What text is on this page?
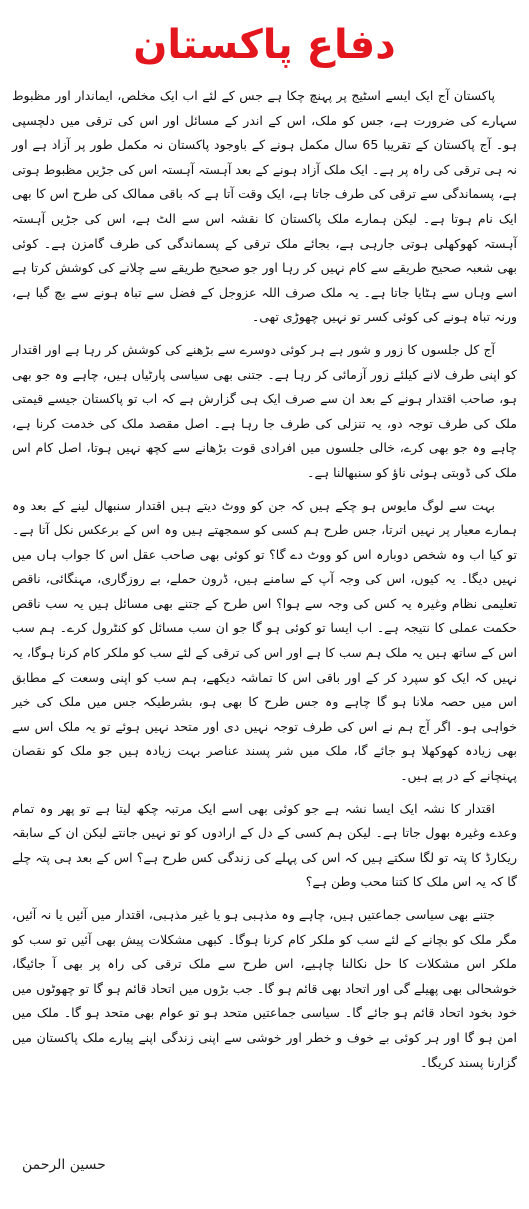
دفاع پاکستان

پاکستان آج ایک ایسے اسٹیج پر پہنچ چکا ہے جس کے لئے اب ایک مخلص، ایماندار اور مظبوط سہارے کی ضرورت ہے، جس کو ملک، اس کے اندر کے مسائل اور اس کی ترقی میں دلچسپی ہو۔ آج پاکستان کے تقریبا 65 سال مکمل ہونے کے باوجود پاکستان نہ مکمل طور پر آزاد ہے اور نہ ہی ترقی کی راہ پر ہے۔ ایک ملک آزاد ہونے کے بعد آہستہ آہستہ اس کی جڑیں مظبوط ہوتی ہے، پسماندگی سے ترقی کی طرف جاتا ہے، ایک وقت آتا ہے کہ باقی ممالک کی طرح اس کا بھی ایک نام ہوتا ہے۔ لیکن ہمارے ملک پاکستان کا نقشہ اس سے الٹ ہے، اس کی جڑیں آہستہ آہستہ کھوکھلی ہوتی جارہی ہے، بجائے ملک ترقی کے پسماندگی کی طرف گامزن ہے۔ کوئی بھی شعبہ صحیح طریقے سے کام نہیں کر رہا اور جو صحیح طریقے سے چلانے کی کوشش کرتا ہے اسے وہاں سے ہٹایا جاتا ہے۔ یہ ملک صرف اللہ عزوجل کے فضل سے تباہ ہونے سے بچ گیا ہے، ورنہ تباہ ہونے کی کوئی کسر تو نہیں چھوڑی تھی۔

آج کل جلسوں کا زور و شور ہے ہر کوئی دوسرے سے بڑھنے کی کوشش کر رہا ہے اور اقتدار کو اپنی طرف لانے کیلئے زور آزمائی کر رہا ہے۔ جتنی بھی سیاسی پارٹیاں ہیں، چاہے وہ جو بھی ہو، صاحب اقتدار ہونے کے بعد ان سے صرف ایک ہی گزارش ہے کہ اب تو پاکستان جیسے قیمتی ملک کی طرف توجہ دو، یہ تنزلی کی طرف جا رہا ہے۔ اصل مقصد ملک کی خدمت کرنا ہے، چاہے وہ جو بھی کرے، خالی جلسوں میں افرادی قوت بڑھانے سے کچھ نہیں ہوتا، اصل کام اس ملک کی ڈوبتی ہوئی ناؤ کو سنبھالنا ہے۔

بہت سے لوگ مایوس ہو چکے ہیں کہ جن کو ووٹ دیتے ہیں اقتدار سنبھال لینے کے بعد وہ ہمارے معیار پر نہیں اترتا، جس طرح ہم کسی کو سمجھتے ہیں وہ اس کے برعکس نکل آتا ہے۔ تو کیا اب وہ شخص دوبارہ اس کو ووٹ دے گا؟ تو کوئی بھی صاحب عقل اس کا جواب ہاں میں نہیں دیگا۔ یہ کیوں، اس کی وجہ آپ کے سامنے ہیں، ڈرون حملے، بے روزگاری، مہنگائی، ناقص تعلیمی نظام وغیرہ یہ کس کی وجہ سے ہوا؟ اس طرح کے جتنے بھی مسائل ہیں یہ سب ناقص حکمت عملی کا نتیجہ ہے۔ اب ایسا تو کوئی ہو گا جو ان سب مسائل کو کنٹرول کرے۔ ہم سب اس کے ساتھ ہیں یہ ملک ہم سب کا ہے اور اس کی ترقی کے لئے سب کو ملکر کام کرنا ہوگا، یہ نہیں کہ ایک کو سپرد کر کے اور باقی اس کا تماشہ دیکھے، ہم سب کو اپنی وسعت کے مطابق اس میں حصہ ملانا ہو گا چاہے وہ جس طرح کا بھی ہو، بشرطیکہ جس میں ملک کی خیر خواہی ہو۔ اگر آج ہم نے اس کی طرف توجہ نہیں دی اور متحد نہیں ہوئے تو یہ ملک اس سے بھی زیادہ کھوکھلا ہو جائے گا، ملک میں شر پسند عناصر بہت زیادہ ہیں جو ملک کو نقصان پہنچانے کے در پے ہیں۔

اقتدار کا نشہ ایک ایسا نشہ ہے جو کوئی بھی اسے ایک مرتبہ چکھ لیتا ہے تو پھر وہ تمام وعدے وغیرہ بھول جاتا ہے۔ لیکن ہم کسی کے دل کے ارادوں کو تو نہیں جانتے لیکن ان کے سابقہ ریکارڈ کا پتہ تو لگا سکتے ہیں کہ اس کی پہلے کی زندگی کس طرح ہے؟ اس کے بعد ہی پتہ چلے گا کہ یہ اس ملک کا کتنا محب وطن ہے؟

جتنے بھی سیاسی جماعتیں ہیں، چاہے وہ مذہبی ہو یا غیر مذہبی، اقتدار میں آئیں یا نہ آئیں، مگر ملک کو بچانے کے لئے سب کو ملکر کام کرنا ہوگا۔ کبھی مشکلات پیش بھی آئیں تو سب کو ملکر اس مشکلات کا حل نکالنا چاہیے، اس طرح سے ملک ترقی کی راہ پر بھی آ جائیگا، خوشحالی بھی پھیلے گی اور اتحاد بھی قائم ہو گا۔ جب بڑوں میں اتحاد قائم ہو گا تو چھوٹوں میں خود بخود اتحاد قائم ہو جائے گا۔ سیاسی جماعتیں متحد ہو تو عوام بھی متحد ہو گا۔ ملک میں امن ہو گا اور ہر کوئی بے خوف و خطر اور خوشی سے اپنی زندگی اپنے پیارے ملک پاکستان میں گزارنا پسند کریگا۔

حسین الرحمن
